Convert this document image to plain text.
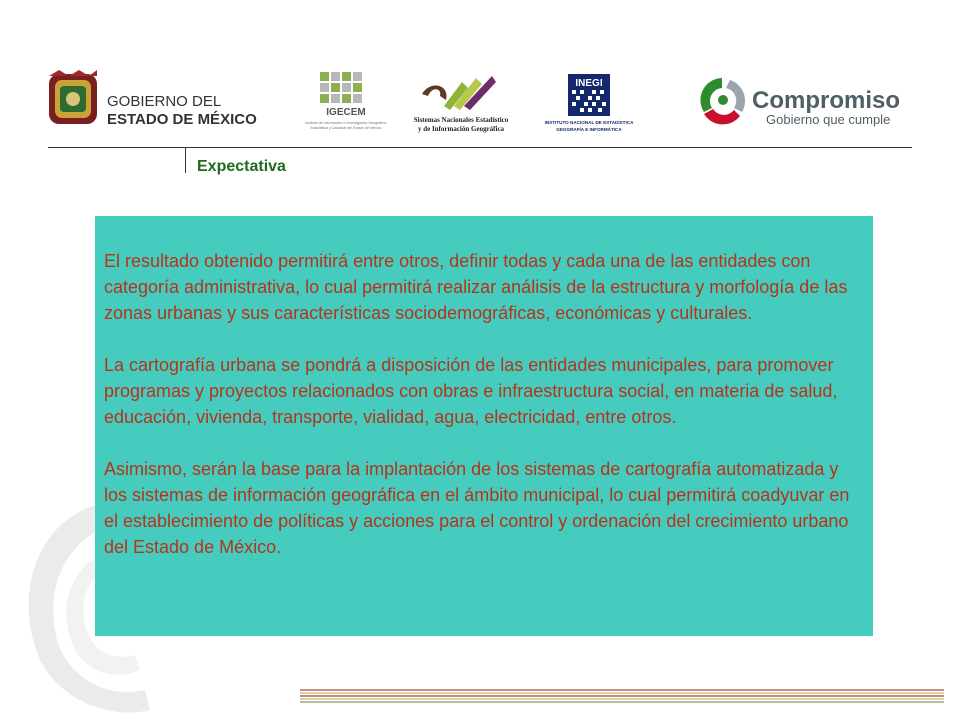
GOBIERNO DEL
ESTADO DE MÉXICO	IGECEM
Instituto de Información e Investigación Geográfica,
Estadística y Catastral del Estado de México
Sistemas Nacionales Estadístico
y de Información Geográfica
INEGI
INSTITUTO NACIONAL DE ESTADÍSTICA
GEOGRAFÍA E INFORMÁTICA
Compromiso
Gobierno que cumple
Expectativa

El resultado obtenido permitirá entre otros, definir todas y cada una de las entidades con categoría administrativa, lo cual permitirá realizar análisis de la estructura y morfología de las zonas urbanas y sus características sociodemográficas, económicas y culturales.

La cartografía urbana se pondrá a disposición de las entidades municipales, para promover programas y proyectos relacionados con obras e infraestructura social, en materia de salud, educación, vivienda, transporte, vialidad, agua, electricidad, entre otros.

Asimismo, serán la base para la implantación de los sistemas de cartografía automatizada y los sistemas de información geográfica en el ámbito municipal, lo cual permitirá coadyuvar en el establecimiento de políticas y acciones para el control y ordenación del crecimiento urbano del Estado de México.
